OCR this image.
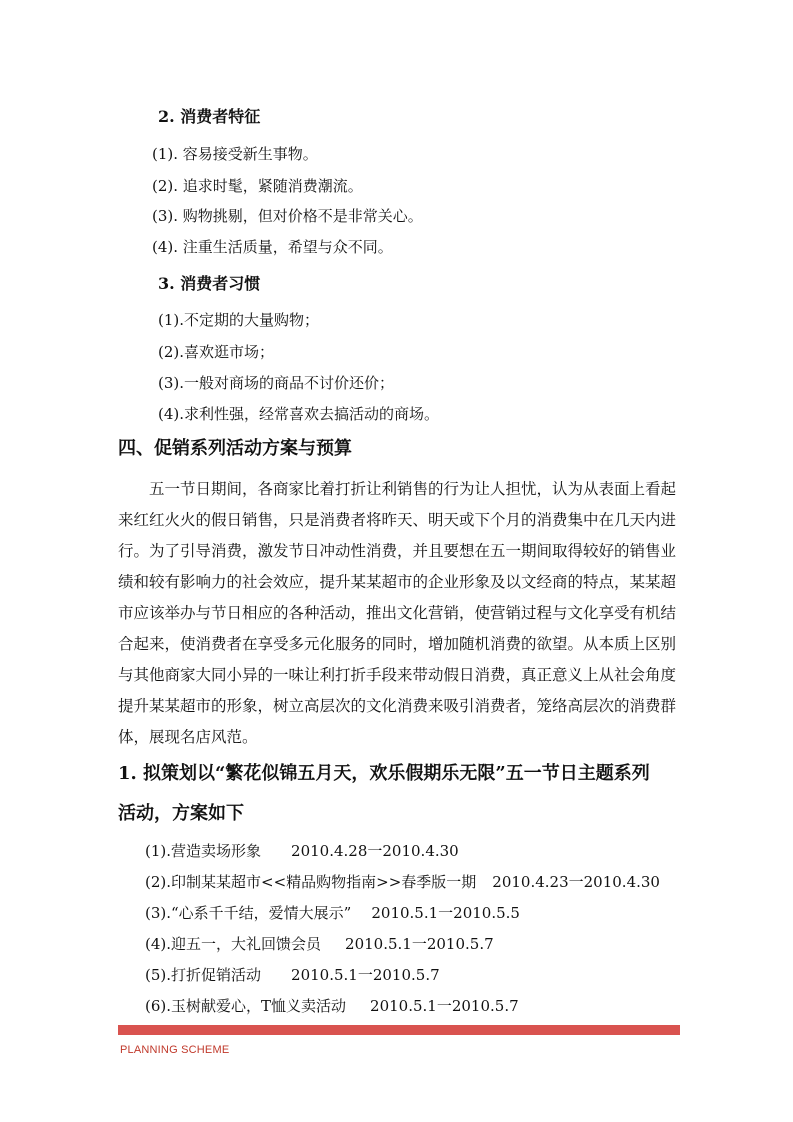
2. 消费者特征
(1). 容易接受新生事物。
(2). 追求时髦，紧随消费潮流。
(3). 购物挑剔，但对价格不是非常关心。
(4). 注重生活质量，希望与众不同。
3. 消费者习惯
(1).不定期的大量购物；
(2).喜欢逛市场；
(3).一般对商场的商品不讨价还价；
(4).求利性强，经常喜欢去搞活动的商场。
四、促销系列活动方案与预算

五一节日期间，各商家比着打折让利销售的行为让人担忧，认为从表面上看起来红红火火的假日销售，只是消费者将昨天、明天或下个月的消费集中在几天内进行。为了引导消费，激发节日冲动性消费，并且要想在五一期间取得较好的销售业绩和较有影响力的社会效应，提升某某超市的企业形象及以文经商的特点，某某超市应该举办与节日相应的各种活动，推出文化营销，使营销过程与文化享受有机结合起来，使消费者在享受多元化服务的同时，增加随机消费的欲望。从本质上区别与其他商家大同小异的一味让利打折手段来带动假日消费，真正意义上从社会角度提升某某超市的形象，树立高层次的文化消费来吸引消费者，笼络高层次的消费群体，展现名店风范。

1. 拟策划以“繁花似锦五月天，欢乐假期乐无限”五一节日主题系列
活动，方案如下
(1).营造卖场形象 2010.4.28一2010.4.30
(2).印制某某超市<<精品购物指南>>春季版一期 2010.4.23一2010.4.30
(3).“心系千千结，爱情大展示” 2010.5.1一2010.5.5
(4).迎五一，大礼回馈会员 2010.5.1一2010.5.7
(5).打折促销活动 2010.5.1一2010.5.7
(6).玉树献爱心，T恤义卖活动 2010.5.1一2010.5.7
PLANNING SCHEME
